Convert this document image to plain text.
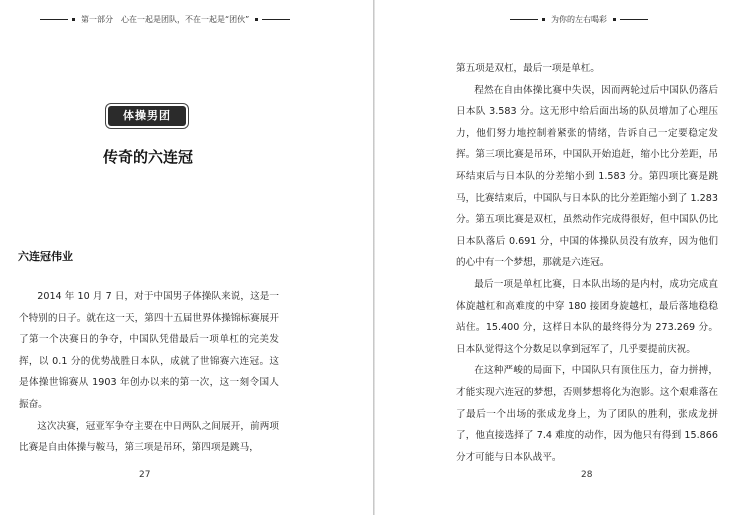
第一部分　心在一起是团队，不在一起是“团伙”
体操男团
传奇的六连冠
六连冠伟业

2014 年 10 月 7 日，对于中国男子体操队来说，这是一个特别的日子。就在这一天，第四十五届世界体操锦标赛展开了第一个决赛日的争夺，中国队凭借最后一项单杠的完美发挥，以 0.1 分的优势战胜日本队，成就了世锦赛六连冠。这是体操世锦赛从 1903 年创办以来的第一次，这一刻令国人振奋。

这次决赛，冠亚军争夺主要在中日两队之间展开，前两项比赛是自由体操与鞍马，第三项是吊环，第四项是跳马，

27
为你的左右喝彩

第五项是双杠，最后一项是单杠。

程然在自由体操比赛中失误，因而两轮过后中国队仍落后日本队 3.583 分。这无形中给后面出场的队员增加了心理压力，他们努力地控制着紧张的情绪，告诉自己一定要稳定发挥。第三项比赛是吊环，中国队开始追赶，缩小比分差距，吊环结束后与日本队的分差缩小到 1.583 分。第四项比赛是跳马，比赛结束后，中国队与日本队的比分差距缩小到了 1.283 分。第五项比赛是双杠，虽然动作完成得很好，但中国队仍比日本队落后 0.691 分，中国的体操队员没有放弃，因为他们的心中有一个梦想，那就是六连冠。

最后一项是单杠比赛，日本队出场的是内村，成功完成直体旋越杠和高难度的中穿 180 接团身旋越杠，最后落地稳稳站住。15.400 分，这样日本队的最终得分为 273.269 分。日本队觉得这个分数足以拿到冠军了，几乎要提前庆祝。

在这种严峻的局面下，中国队只有顶住压力，奋力拼搏，才能实现六连冠的梦想，否则梦想将化为泡影。这个艰难落在了最后一个出场的张成龙身上，为了团队的胜利，张成龙拼了，他直接选择了 7.4 难度的动作，因为他只有得到 15.866 分才可能与日本队战平。

28
